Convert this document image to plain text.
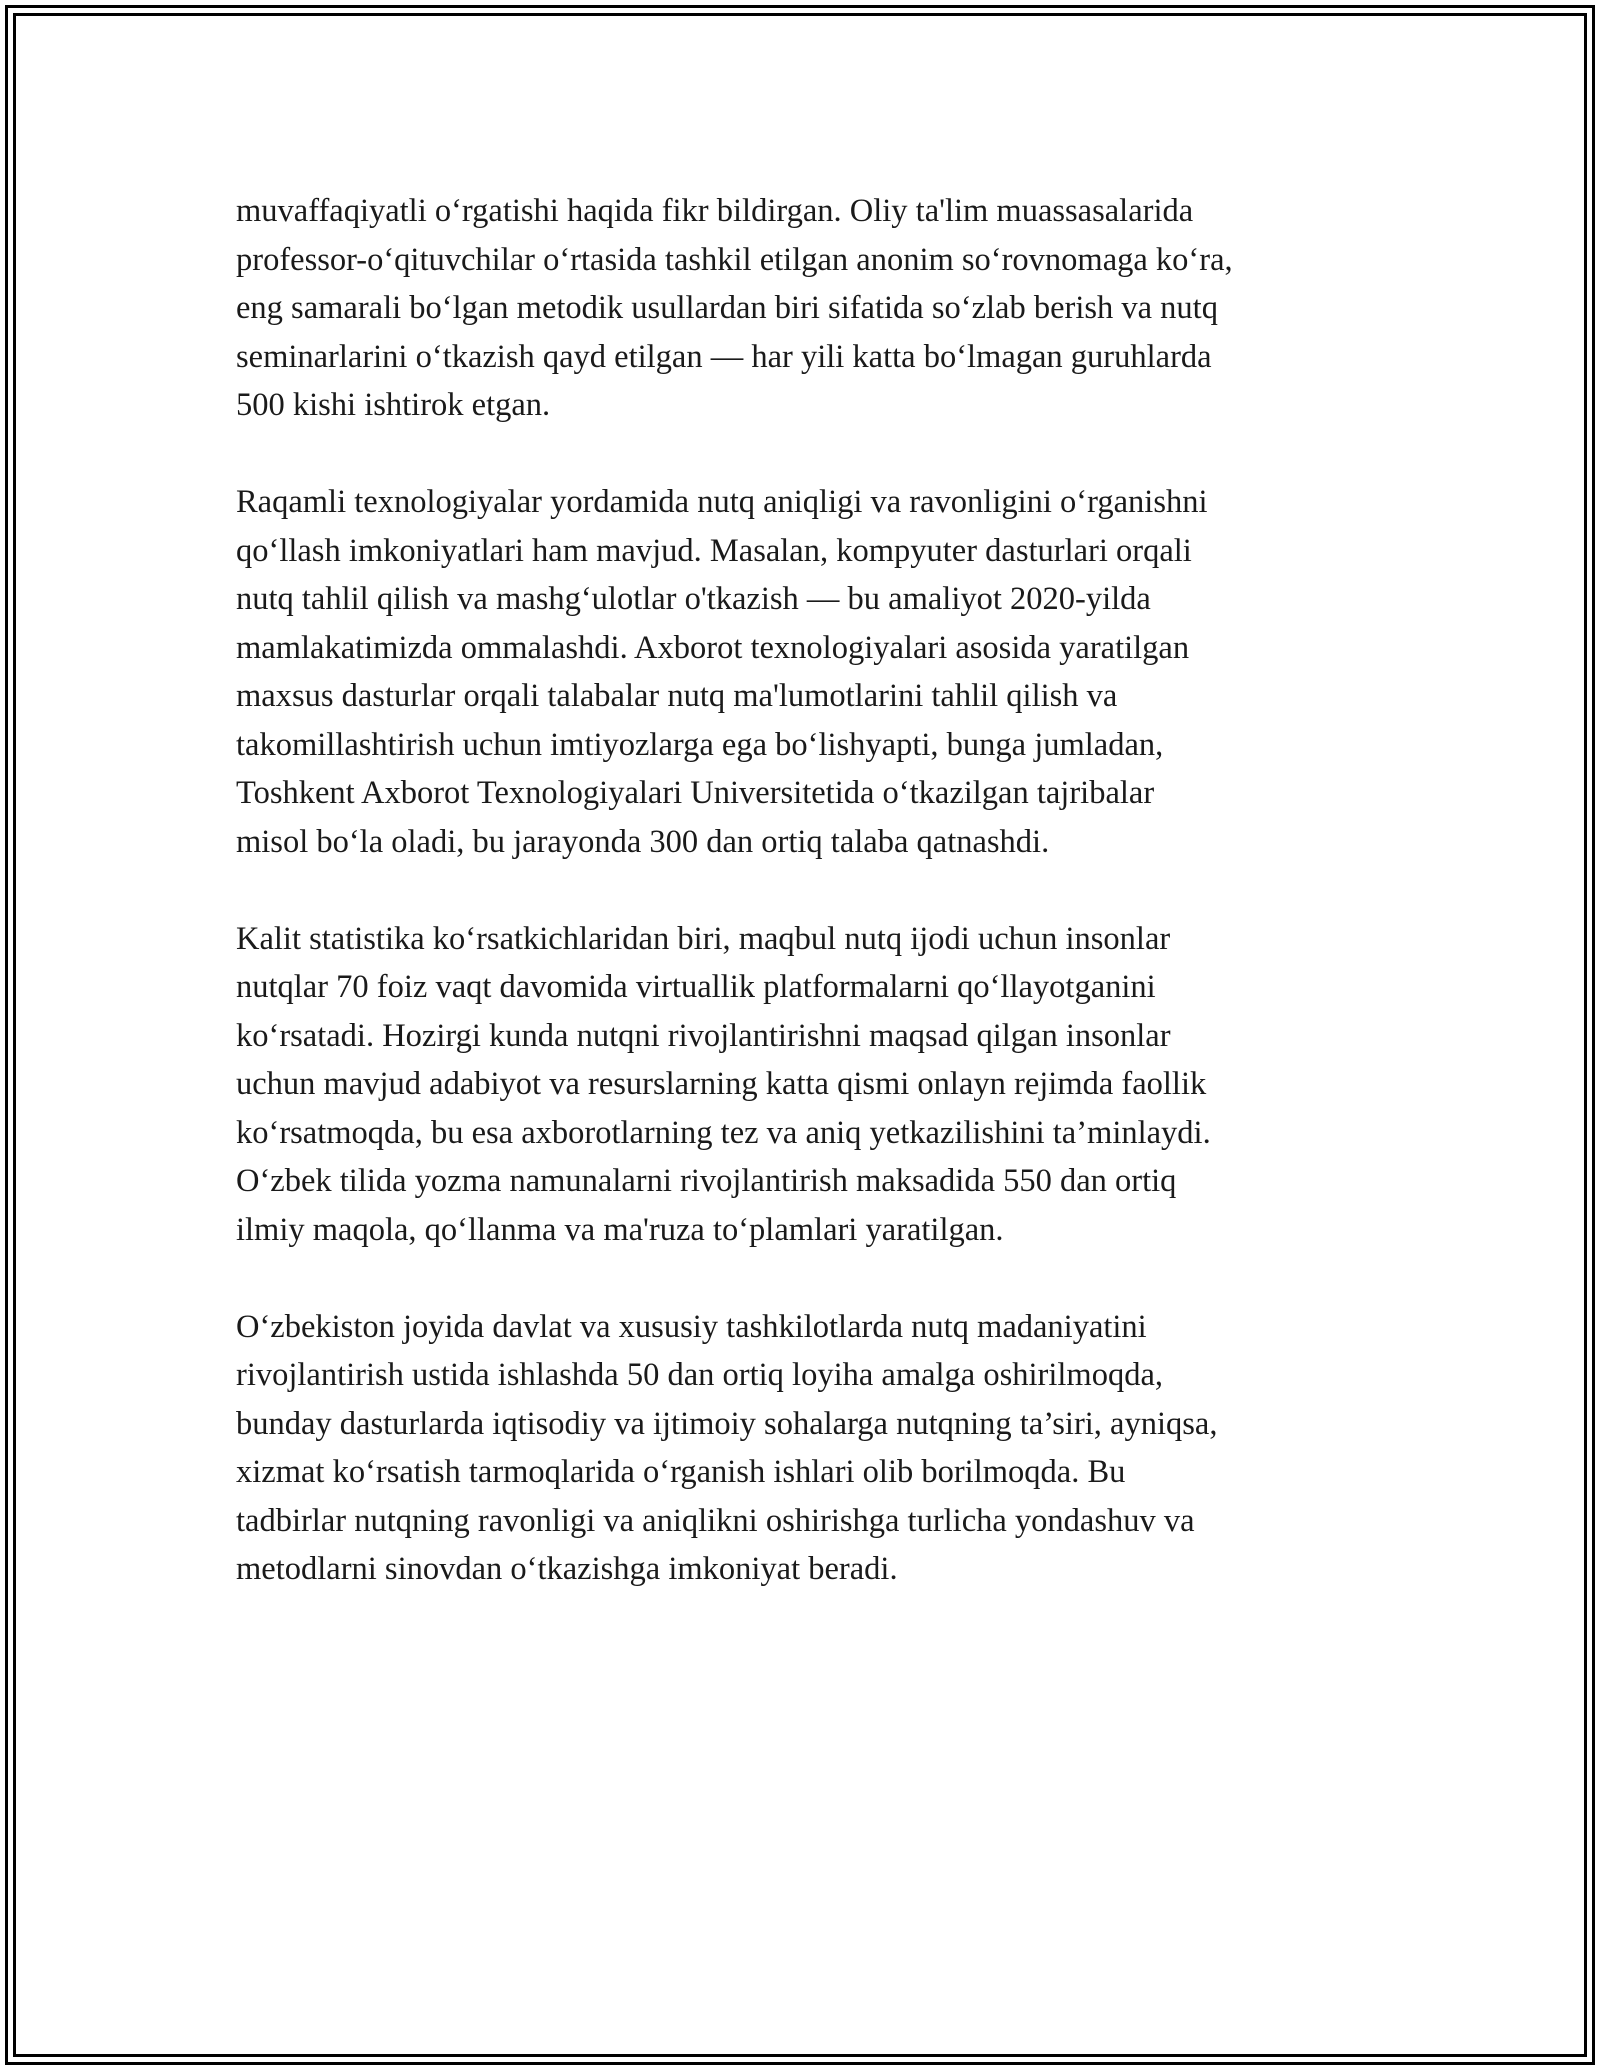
muvaffaqiyatli o‘rgatishi haqida fikr bildirgan. Oliy ta'lim muassasalarida
professor-o‘qituvchilar o‘rtasida tashkil etilgan anonim so‘rovnomaga ko‘ra,
eng samarali bo‘lgan metodik usullardan biri sifatida so‘zlab berish va nutq
seminarlarini o‘tkazish qayd etilgan — har yili katta bo‘lmagan guruhlarda
500 kishi ishtirok etgan.

Raqamli texnologiyalar yordamida nutq aniqligi va ravonligini o‘rganishni
qo‘llash imkoniyatlari ham mavjud. Masalan, kompyuter dasturlari orqali
nutq tahlil qilish va mashg‘ulotlar o'tkazish — bu amaliyot 2020-yilda
mamlakatimizda ommalashdi. Axborot texnologiyalari asosida yaratilgan
maxsus dasturlar orqali talabalar nutq ma'lumotlarini tahlil qilish va
takomillashtirish uchun imtiyozlarga ega bo‘lishyapti, bunga jumladan,
Toshkent Axborot Texnologiyalari Universitetida o‘tkazilgan tajribalar
misol bo‘la oladi, bu jarayonda 300 dan ortiq talaba qatnashdi.

Kalit statistika ko‘rsatkichlaridan biri, maqbul nutq ijodi uchun insonlar
nutqlar 70 foiz vaqt davomida virtuallik platformalarni qo‘llayotganini
ko‘rsatadi. Hozirgi kunda nutqni rivojlantirishni maqsad qilgan insonlar
uchun mavjud adabiyot va resurslarning katta qismi onlayn rejimda faollik
ko‘rsatmoqda, bu esa axborotlarning tez va aniq yetkazilishini ta’minlaydi.
O‘zbek tilida yozma namunalarni rivojlantirish maksadida 550 dan ortiq
ilmiy maqola, qo‘llanma va ma'ruza to‘plamlari yaratilgan.

O‘zbekiston joyida davlat va xususiy tashkilotlarda nutq madaniyatini
rivojlantirish ustida ishlashda 50 dan ortiq loyiha amalga oshirilmoqda,
bunday dasturlarda iqtisodiy va ijtimoiy sohalarga nutqning ta’siri, ayniqsa,
xizmat ko‘rsatish tarmoqlarida o‘rganish ishlari olib borilmoqda. Bu
tadbirlar nutqning ravonligi va aniqlikni oshirishga turlicha yondashuv va
metodlarni sinovdan o‘tkazishga imkoniyat beradi.
